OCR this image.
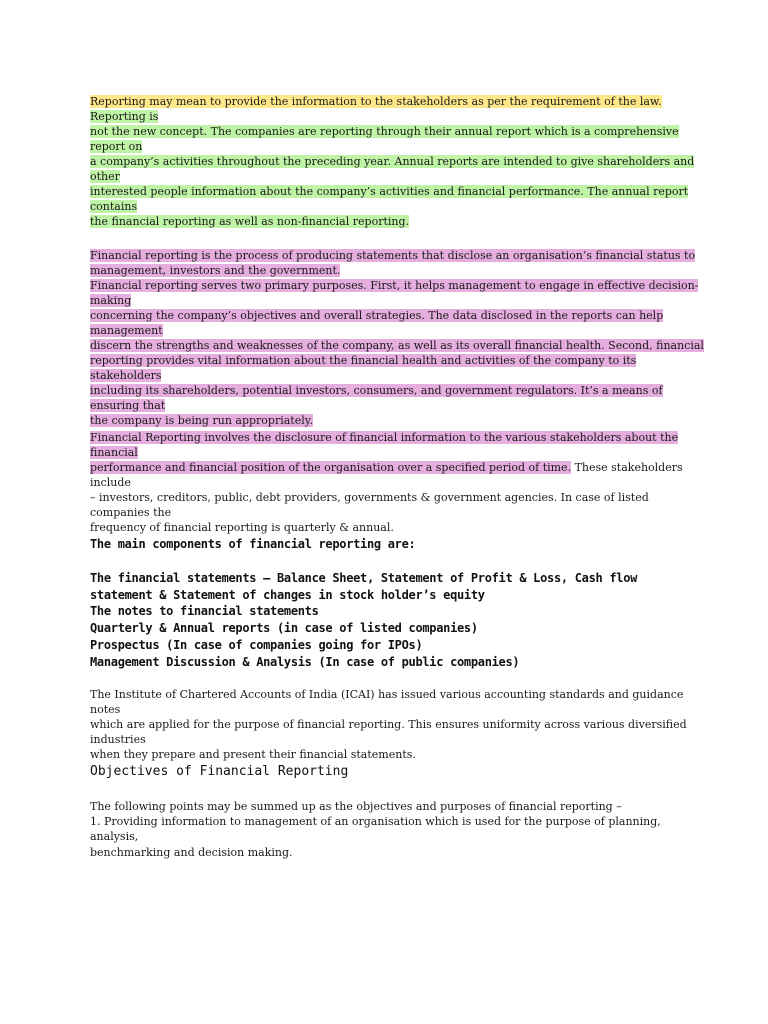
Reporting may mean to provide the information to the stakeholders as per the requirement of the law.
Reporting is
not the new concept. The companies are reporting through their annual report which is a comprehensive
report on
a company’s activities throughout the preceding year. Annual reports are intended to give shareholders and
other
interested people information about the company’s activities and financial performance. The annual report
contains
the financial reporting as well as non-financial reporting.
Financial reporting is the process of producing statements that disclose an organisation’s financial status to
management, investors and the government.
Financial reporting serves two primary purposes. First, it helps management to engage in effective decision-
making
concerning the company’s objectives and overall strategies. The data disclosed in the reports can help
management
discern the strengths and weaknesses of the company, as well as its overall financial health. Second, financial
reporting provides vital information about the financial health and activities of the company to its
stakeholders
including its shareholders, potential investors, consumers, and government regulators. It’s a means of
ensuring that
the company is being run appropriately.
Financial Reporting involves the disclosure of financial information to the various stakeholders about the
financial
performance and financial position of the organisation over a specified period of time. These stakeholders
include
– investors, creditors, public, debt providers, governments & government agencies. In case of listed
companies the
frequency of financial reporting is quarterly & annual.
The main components of financial reporting are:
The financial statements – Balance Sheet, Statement of Profit & Loss, Cash flow
statement & Statement of changes in stock holder’s equity
The notes to financial statements
Quarterly & Annual reports (in case of listed companies)
Prospectus (In case of companies going for IPOs)
Management Discussion & Analysis (In case of public companies)
The Institute of Chartered Accounts of India (ICAI) has issued various accounting standards and guidance
notes
which are applied for the purpose of financial reporting. This ensures uniformity across various diversified
industries
when they prepare and present their financial statements.
Objectives of Financial Reporting
The following points may be summed up as the objectives and purposes of financial reporting –
1. Providing information to management of an organisation which is used for the purpose of planning,
analysis,
benchmarking and decision making.
